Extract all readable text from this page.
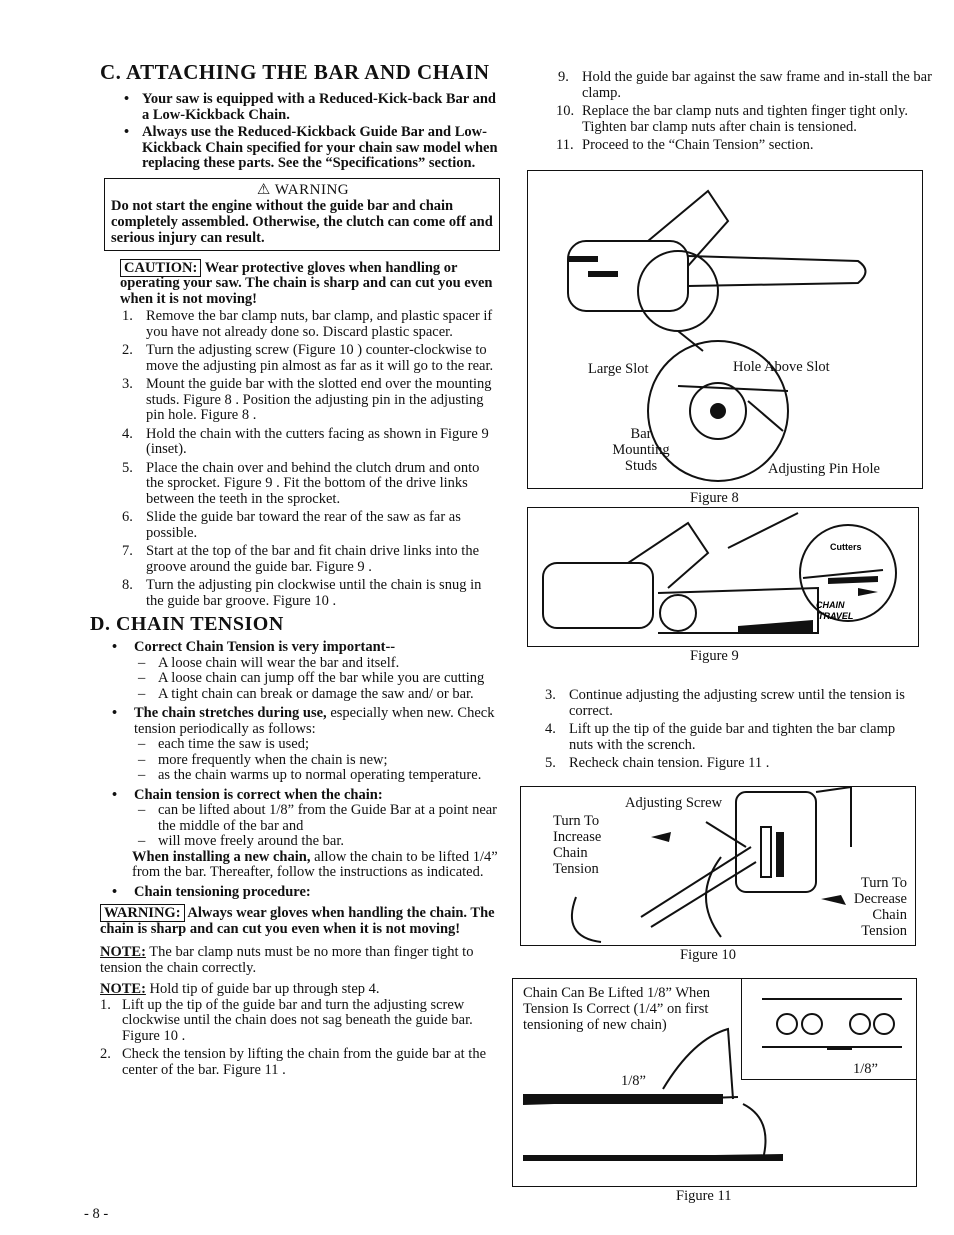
C. ATTACHING THE BAR AND CHAIN
• Your saw is equipped with a Reduced-Kick-back Bar and a Low-Kickback Chain.
• Always use the Reduced-Kickback Guide Bar and Low-Kickback Chain specified for your chain saw model when replacing these parts. See the “Specifications” section.
⚠ WARNING
Do not start the engine without the guide bar and chain completely assembled. Otherwise, the clutch can come off and serious injury can result.

CAUTION: Wear protective gloves when handling or operating your saw. The chain is sharp and can cut you even when it is not moving!

1. Remove the bar clamp nuts, bar clamp, and plastic spacer if you have not already done so. Discard plastic spacer.
2. Turn the adjusting screw (Figure 10 ) counter-clockwise to move the adjusting pin almost as far as it will go to the rear.
3. Mount the guide bar with the slotted end over the mounting studs. Figure 8 . Position the adjusting pin in the adjusting pin hole. Figure 8 .
4. Hold the chain with the cutters facing as shown in Figure 9 (inset).
5. Place the chain over and behind the clutch drum and onto the sprocket. Figure 9 . Fit the bottom of the drive links between the teeth in the sprocket.
6. Slide the guide bar toward the rear of the saw as far as possible.
7. Start at the top of the bar and fit chain drive links into the groove around the guide bar. Figure 9 .
8. Turn the adjusting pin clockwise until the chain is snug in the guide bar groove. Figure 10 .
D. CHAIN TENSION
• Correct Chain Tension is very important--
– A loose chain will wear the bar and itself.
– A loose chain can jump off the bar while you are cutting
– A tight chain can break or damage the saw and/ or bar.
• The chain stretches during use, especially when new. Check tension periodically as follows:
– each time the saw is used;
– more frequently when the chain is new;
– as the chain warms up to normal operating temperature.
• Chain tension is correct when the chain:
– can be lifted about 1/8” from the Guide Bar at a point near the middle of the bar and
– will move freely around the bar.

When installing a new chain, allow the chain to be lifted 1/4” from the bar. Thereafter, follow the instructions as indicated.

• Chain tensioning procedure:

WARNING: Always wear gloves when handling the chain. The chain is sharp and can cut you even when it is not moving!

NOTE: The bar clamp nuts must be no more than finger tight to tension the chain correctly.

NOTE: Hold tip of guide bar up through step 4.

1. Lift up the tip of the guide bar and turn the adjusting screw clockwise until the chain does not sag beneath the guide bar. Figure 10 .
2. Check the tension by lifting the chain from the guide bar at the center of the bar. Figure 11 .
9. Hold the guide bar against the saw frame and in-stall the bar clamp.
10. Replace the bar clamp nuts and tighten finger tight only. Tighten bar clamp nuts after chain is tensioned.
11. Proceed to the “Chain Tension” section.
Large Slot	Hole Above Slot
Bar Mounting Studs	Adjusting Pin Hole
Figure 8
Cutters
CHAIN
TRAVEL
Figure 9
3. Continue adjusting the adjusting screw until the tension is correct.
4. Lift up the tip of the guide bar and tighten the bar clamp nuts with the scrench.
5. Recheck chain tension. Figure 11 .
Adjusting Screw
Turn To Increase Chain Tension
Turn To Decrease Chain Tension
Figure 10
Chain Can Be Lifted 1/8” When Tension Is Correct (1/4” on first tensioning of new chain)
1/8”
1/8”
Figure 11
- 8 -
